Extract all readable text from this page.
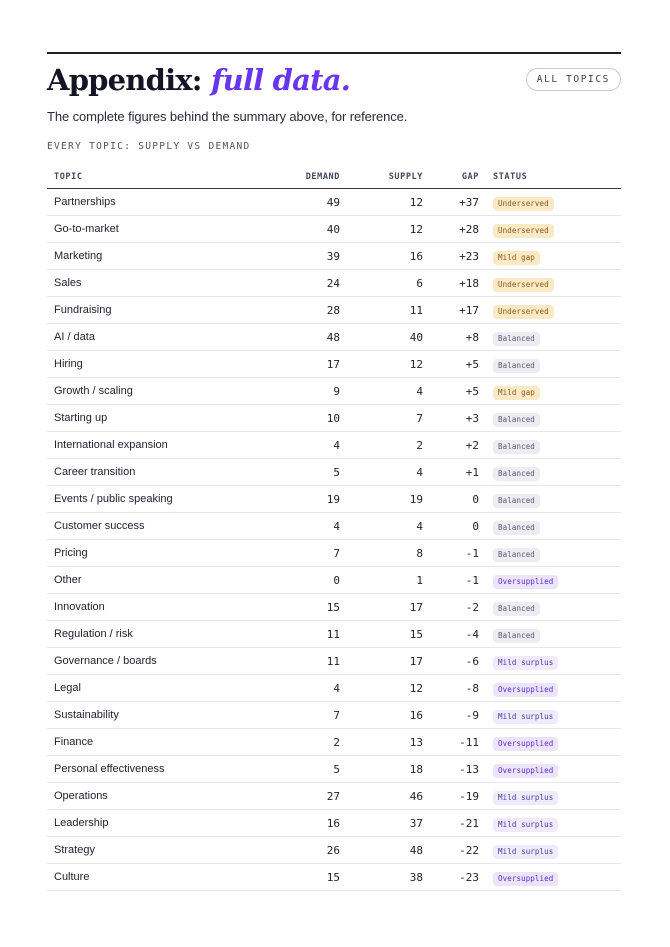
Appendix: full data.	ALL TOPICS

The complete figures behind the summary above, for reference.

EVERY TOPIC: SUPPLY VS DEMAND

TOPIC	DEMAND	SUPPLY	GAP	STATUS
Partnerships	49	12	+37	Underserved
Go-to-market	40	12	+28	Underserved
Marketing	39	16	+23	Mild gap
Sales	24	6	+18	Underserved
Fundraising	28	11	+17	Underserved
AI / data	48	40	+8	Balanced
Hiring	17	12	+5	Balanced
Growth / scaling	9	4	+5	Mild gap
Starting up	10	7	+3	Balanced
International expansion	4	2	+2	Balanced
Career transition	5	4	+1	Balanced
Events / public speaking	19	19	0	Balanced
Customer success	4	4	0	Balanced
Pricing	7	8	-1	Balanced
Other	0	1	-1	Oversupplied
Innovation	15	17	-2	Balanced
Regulation / risk	11	15	-4	Balanced
Governance / boards	11	17	-6	Mild surplus
Legal	4	12	-8	Oversupplied
Sustainability	7	16	-9	Mild surplus
Finance	2	13	-11	Oversupplied
Personal effectiveness	5	18	-13	Oversupplied
Operations	27	46	-19	Mild surplus
Leadership	16	37	-21	Mild surplus
Strategy	26	48	-22	Mild surplus
Culture	15	38	-23	Oversupplied
